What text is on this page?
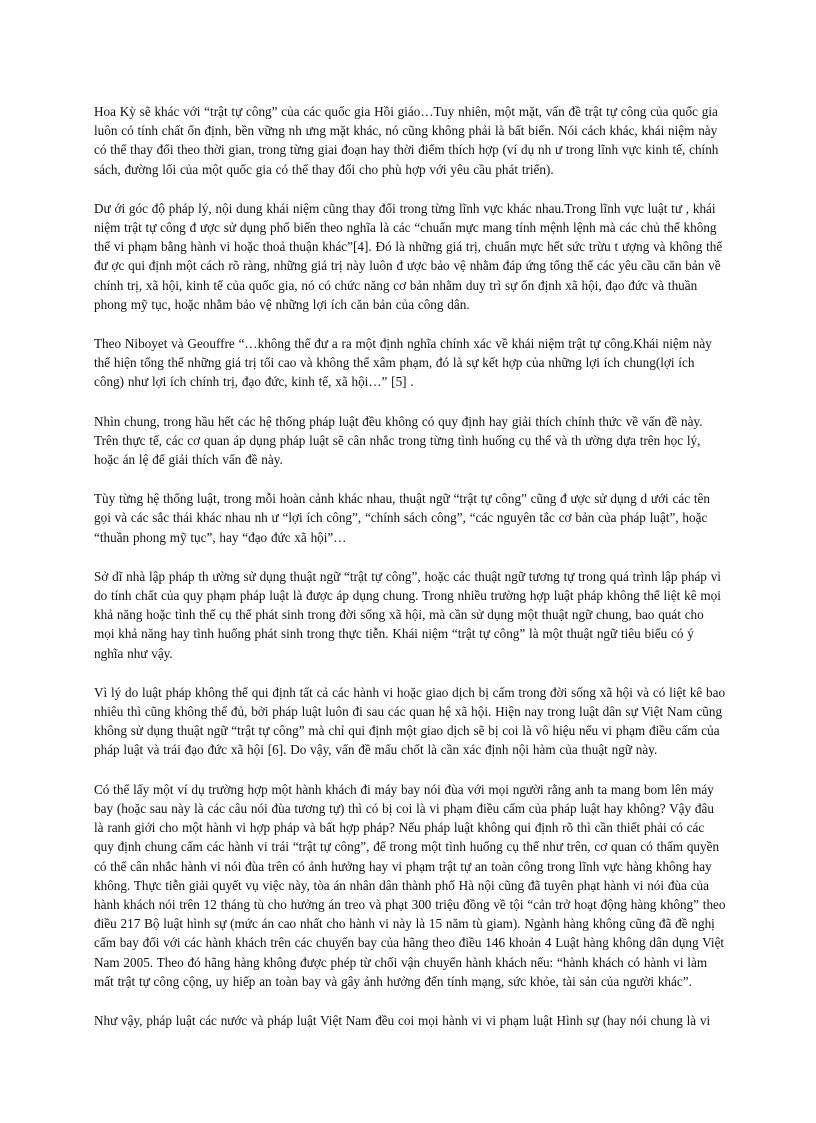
Hoa Kỳ sẽ khác với “trật tự công” của các quốc gia Hồi giáo…Tuy nhiên, một mặt, vấn đề trật tự công của quốc gia luôn có tính chất ổn định, bền vững nh ưng mặt khác, nó cũng không phải là bất biến. Nói cách khác, khái niệm này có thể thay đổi theo thời gian, trong từng giai đoạn hay thời điểm thích hợp (ví dụ nh ư trong lĩnh vực kinh tế, chính sách, đường lối của một quốc gia có thể thay đổi cho phù hợp với yêu cầu phát triển).

Dư ới góc độ pháp lý, nội dung khái niệm cũng thay đổi trong từng lĩnh vực khác nhau.Trong lĩnh vực luật tư , khái niệm trật tự công đ ược sử dụng phổ biến theo nghĩa là các “chuẩn mực mang tính mệnh lệnh mà các chủ thể không thể vi phạm bằng hành vi hoặc thoả thuận khác”[4]. Đó là những giá trị, chuẩn mực hết sức trừu t ượng và không thể đư ợc qui định một cách rõ ràng, những giá trị này luôn đ ược bảo vệ nhằm đáp ứng tổng thể các yêu cầu căn bản về chính trị, xã hội, kinh tế của quốc gia, nó có chức năng cơ bản nhằm duy trì sự ổn định xã hội, đạo đức và thuần phong mỹ tục, hoặc nhằm bảo vệ những lợi ích căn bản của công dân.

Theo Niboyet và Geouffre “…không thể đư a ra một định nghĩa chính xác về khái niệm trật tự công.Khái niệm này thể hiện tổng thể những giá trị tối cao và không thể xâm phạm, đó là sự kết hợp của những lợi ích chung(lợi ích công) như lợi ích chính trị, đạo đức, kinh tế, xã hội…” [5] .

Nhìn chung, trong hầu hết các hệ thống pháp luật đều không có quy định hay giải thích chính thức về vấn đề này. Trên thực tế, các cơ quan áp dụng pháp luật sẽ cân nhắc trong từng tình huống cụ thể và th ường dựa trên học lý, hoặc án lệ để giải thích vấn đề này.

Tùy từng hệ thống luật, trong mỗi hoàn cảnh khác nhau, thuật ngữ “trật tự công” cũng đ ược sử dụng d ưới các tên gọi và các sắc thái khác nhau nh ư “lợi ích công”, “chính sách công”, “các nguyên tắc cơ bản của pháp luật”, hoặc “thuần phong mỹ tục”, hay “đạo đức xã hội”…

Sở dĩ nhà lập pháp th ường sử dụng thuật ngữ “trật tự công”, hoặc các thuật ngữ tương tự trong quá trình lập pháp vì do tính chất của quy phạm pháp luật là được áp dụng chung. Trong nhiều trường hợp luật pháp không thể liệt kê mọi khả năng hoặc tình thế cụ thể phát sinh trong đời sống xã hội, mà cần sử dụng một thuật ngữ chung, bao quát cho mọi khả năng hay tình huống phát sinh trong thực tiễn. Khái niệm “trật tự công” là một thuật ngữ tiêu biểu có ý nghĩa như vậy.

Vì lý do luật pháp không thể qui định tất cả các hành vi hoặc giao dịch bị cấm trong đời sống xã hội và có liệt kê bao nhiêu thì cũng không thể đủ, bởi pháp luật luôn đi sau các quan hệ xã hội. Hiện nay trong luật dân sự Việt Nam cũng không sử dụng thuật ngữ “trật tự công” mà chỉ qui định một giao dịch sẽ bị coi là vô hiệu nếu vi phạm điều cấm của pháp luật và trái đạo đức xã hội [6]. Do vậy, vấn đề mấu chốt là cần xác định nội hàm của thuật ngữ này.

Có thể lấy một ví dụ trường hợp một hành khách đi máy bay nói đùa với mọi người rằng anh ta mang bom lên máy bay (hoặc sau này là các câu nói đùa tương tự) thì có bị coi là vi phạm điều cấm của pháp luật hay không? Vậy đâu là ranh giới cho một hành vi hợp pháp và bất hợp pháp? Nếu pháp luật không qui định rõ thì cần thiết phải có các quy định chung cấm các hành vi trái “trật tự công”, để trong một tình huống cụ thể như trên, cơ quan có thẩm quyền có thể cân nhắc hành vi nói đùa trên có ảnh hưởng hay vi phạm trật tự an toàn công trong lĩnh vực hàng không hay không. Thực tiễn giải quyết vụ việc này, tòa án nhân dân thành phố Hà nội cũng đã tuyên phạt hành vi nói đùa của hành khách nói trên 12 tháng tù cho hưởng án treo và phạt 300 triệu đồng về tội “cản trở hoạt động hàng không” theo điều 217 Bộ luật hình sự (mức án cao nhất cho hành vi này là 15 năm tù giam). Ngành hàng không cũng đã đề nghị cấm bay đối với các hành khách trên các chuyến bay của hãng theo điều 146 khoản 4 Luật hàng không dân dụng Việt Nam 2005. Theo đó hãng hàng không được phép từ chối vận chuyển hành khách nếu: “hành khách có hành vi làm mất trật tự công cộng, uy hiếp an toàn bay và gây ảnh hưởng đến tính mạng, sức khỏe, tài sản của người khác”.

Như vậy, pháp luật các nước và pháp luật Việt Nam đều coi mọi hành vi vi phạm luật Hình sự (hay nói chung là vi
